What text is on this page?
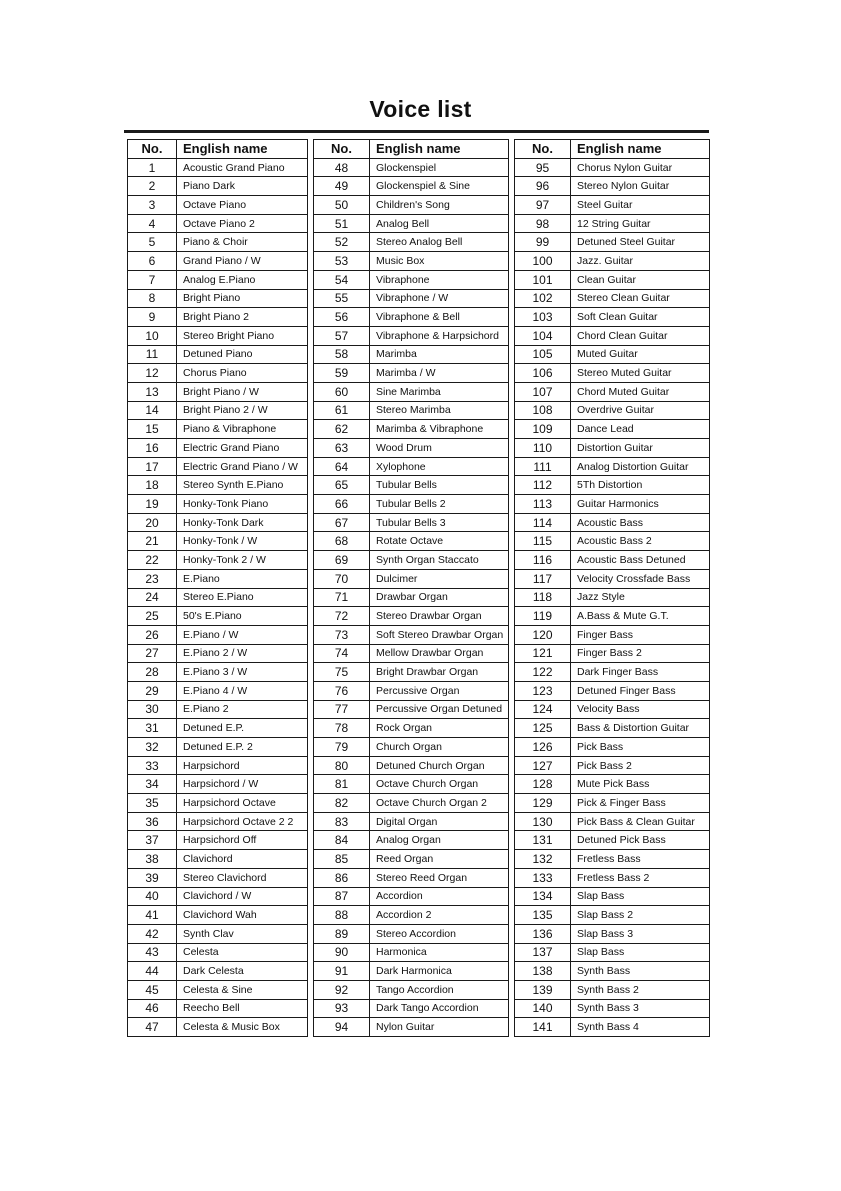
Voice list
No.	English name		No.	English name		No.	English name
1	Acoustic Grand Piano		48	Glockenspiel		95	Chorus Nylon Guitar
2	Piano Dark		49	Glockenspiel & Sine		96	Stereo Nylon Guitar
3	Octave Piano		50	Children's Song		97	Steel Guitar
4	Octave Piano 2		51	Analog Bell		98	12 String Guitar
5	Piano & Choir		52	Stereo Analog Bell		99	Detuned Steel Guitar
6	Grand Piano / W		53	Music Box		100	Jazz. Guitar
7	Analog E.Piano		54	Vibraphone		101	Clean Guitar
8	Bright Piano		55	Vibraphone / W		102	Stereo Clean Guitar
9	Bright Piano 2		56	Vibraphone & Bell		103	Soft Clean Guitar
10	Stereo Bright Piano		57	Vibraphone & Harpsichord		104	Chord Clean Guitar
11	Detuned Piano		58	Marimba		105	Muted Guitar
12	Chorus Piano		59	Marimba / W		106	Stereo Muted Guitar
13	Bright Piano / W		60	Sine Marimba		107	Chord Muted Guitar
14	Bright Piano 2 / W		61	Stereo Marimba		108	Overdrive Guitar
15	Piano & Vibraphone		62	Marimba & Vibraphone		109	Dance Lead
16	Electric Grand Piano		63	Wood Drum		110	Distortion Guitar
17	Electric Grand Piano / W		64	Xylophone		111	Analog Distortion Guitar
18	Stereo Synth E.Piano		65	Tubular Bells		112	5Th Distortion
19	Honky-Tonk Piano		66	Tubular Bells 2		113	Guitar Harmonics
20	Honky-Tonk Dark		67	Tubular Bells 3		114	Acoustic Bass
21	Honky-Tonk / W		68	Rotate Octave		115	Acoustic Bass 2
22	Honky-Tonk 2 / W		69	Synth Organ Staccato		116	Acoustic Bass Detuned
23	E.Piano		70	Dulcimer		117	Velocity Crossfade Bass
24	Stereo E.Piano		71	Drawbar Organ		118	Jazz Style
25	50's E.Piano		72	Stereo Drawbar Organ		119	A.Bass & Mute G.T.
26	E.Piano / W		73	Soft Stereo Drawbar Organ		120	Finger Bass
27	E.Piano 2 / W		74	Mellow Drawbar Organ		121	Finger Bass 2
28	E.Piano 3 / W		75	Bright Drawbar Organ		122	Dark Finger Bass
29	E.Piano 4 / W		76	Percussive Organ		123	Detuned Finger Bass
30	E.Piano 2		77	Percussive Organ Detuned		124	Velocity Bass
31	Detuned E.P.		78	Rock Organ		125	Bass & Distortion Guitar
32	Detuned E.P. 2		79	Church Organ		126	Pick Bass
33	Harpsichord		80	Detuned Church Organ		127	Pick Bass 2
34	Harpsichord / W		81	Octave Church Organ		128	Mute Pick Bass
35	Harpsichord Octave		82	Octave Church Organ 2		129	Pick & Finger Bass
36	Harpsichord Octave 2 2		83	Digital Organ		130	Pick Bass & Clean Guitar
37	Harpsichord Off		84	Analog Organ		131	Detuned Pick Bass
38	Clavichord		85	Reed Organ		132	Fretless Bass
39	Stereo Clavichord		86	Stereo Reed Organ		133	Fretless Bass 2
40	Clavichord / W		87	Accordion		134	Slap Bass
41	Clavichord Wah		88	Accordion 2		135	Slap Bass 2
42	Synth Clav		89	Stereo Accordion		136	Slap Bass 3
43	Celesta		90	Harmonica		137	Slap Bass
44	Dark Celesta		91	Dark Harmonica		138	Synth Bass
45	Celesta & Sine		92	Tango Accordion		139	Synth Bass 2
46	Reecho Bell		93	Dark Tango Accordion		140	Synth Bass 3
47	Celesta & Music Box		94	Nylon Guitar		141	Synth Bass 4
